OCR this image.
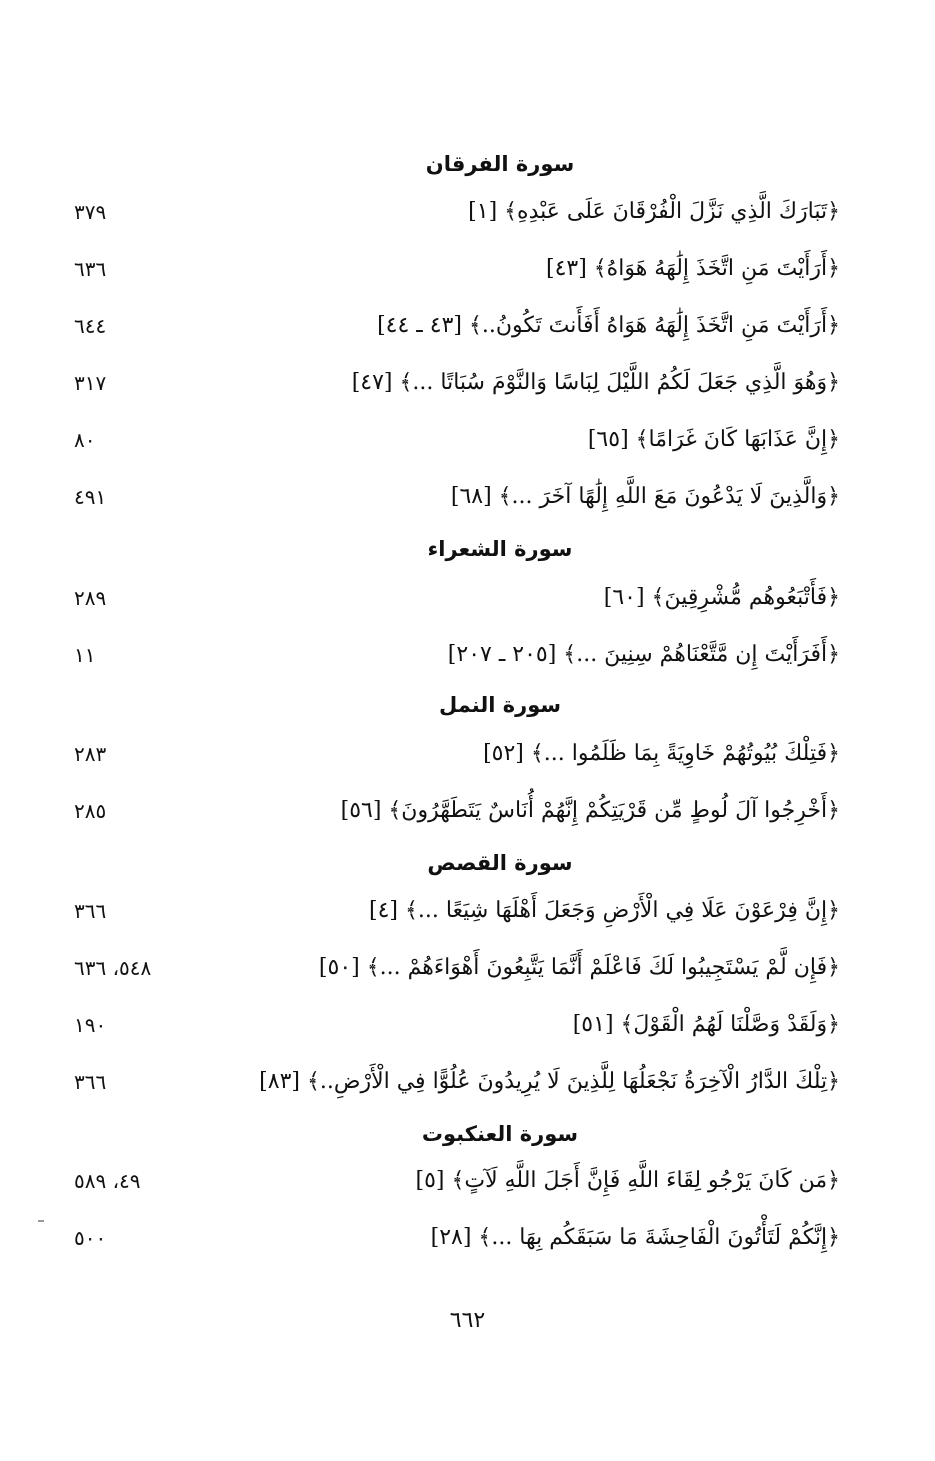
سورة الفرقان
﴿تَبَارَكَ الَّذِي نَزَّلَ الْفُرْقَانَ عَلَى عَبْدِهِ﴾ [١]
٣٧٩
﴿أَرَأَيْتَ مَنِ اتَّخَذَ إِلَٰهَهُ هَوَاهُ﴾ [٤٣]
٦٣٦
﴿أَرَأَيْتَ مَنِ اتَّخَذَ إِلَٰهَهُ هَوَاهُ أَفَأَنتَ تَكُونُ..﴾ [٤٣ ـ ٤٤]
٦٤٤
﴿وَهُوَ الَّذِي جَعَلَ لَكُمُ اللَّيْلَ لِبَاسًا وَالنَّوْمَ سُبَاتًا ...﴾ [٤٧]
٣١٧
﴿إِنَّ عَذَابَهَا كَانَ غَرَامًا﴾ [٦٥]
٨٠
﴿وَالَّذِينَ لَا يَدْعُونَ مَعَ اللَّهِ إِلَٰهًا آخَرَ ...﴾ [٦٨]
٤٩١
سورة الشعراء
﴿فَأَتْبَعُوهُم مُّشْرِقِينَ﴾ [٦٠]
٢٨٩
﴿أَفَرَأَيْتَ إِن مَّتَّعْنَاهُمْ سِنِينَ ...﴾ [٢٠٥ ـ ٢٠٧]
١١
سورة النمل
﴿فَتِلْكَ بُيُوتُهُمْ خَاوِيَةً بِمَا ظَلَمُوا ...﴾ [٥٢]
٢٨٣
﴿أَخْرِجُوا آلَ لُوطٍ مِّن قَرْيَتِكُمْ إِنَّهُمْ أُنَاسٌ يَتَطَهَّرُونَ﴾ [٥٦]
٢٨٥
سورة القصص
﴿إِنَّ فِرْعَوْنَ عَلَا فِي الْأَرْضِ وَجَعَلَ أَهْلَهَا شِيَعًا ...﴾ [٤]
٣٦٦
﴿فَإِن لَّمْ يَسْتَجِيبُوا لَكَ فَاعْلَمْ أَنَّمَا يَتَّبِعُونَ أَهْوَاءَهُمْ ...﴾ [٥٠]
٥٤٨، ٦٣٦
﴿وَلَقَدْ وَصَّلْنَا لَهُمُ الْقَوْلَ﴾ [٥١]
١٩٠
﴿تِلْكَ الدَّارُ الْآخِرَةُ نَجْعَلُهَا لِلَّذِينَ لَا يُرِيدُونَ عُلُوًّا فِي الْأَرْضِ..﴾ [٨٣]
٣٦٦
سورة العنكبوت
﴿مَن كَانَ يَرْجُو لِقَاءَ اللَّهِ فَإِنَّ أَجَلَ اللَّهِ لَآتٍ﴾ [٥]
٤٩، ٥٨٩
﴿إِنَّكُمْ لَتَأْتُونَ الْفَاحِشَةَ مَا سَبَقَكُم بِهَا ...﴾ [٢٨]
٥٠٠
٦٦٢
